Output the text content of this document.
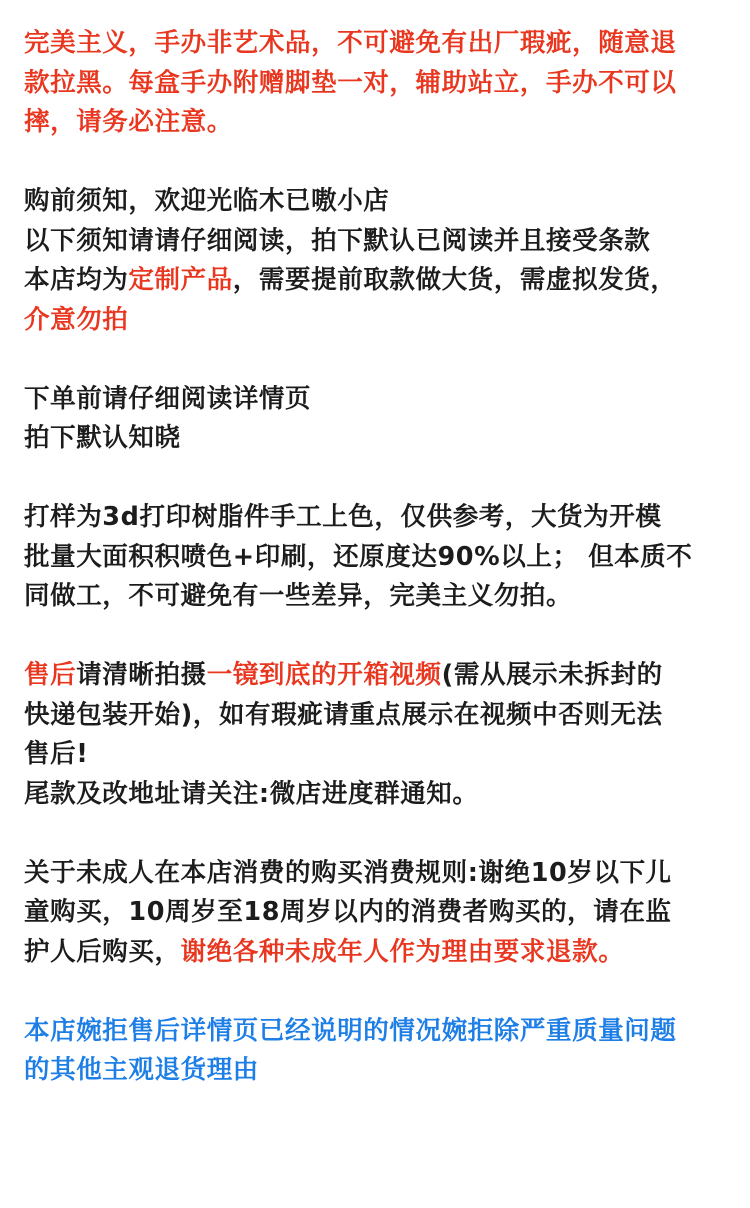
完美主义，手办非艺术品，不可避免有出厂瑕疵，随意退
款拉黑。每盒手办附赠脚垫一对，辅助站立，手办不可以
摔，请务必注意。
购前须知，欢迎光临木已嗷小店
以下须知请请仔细阅读，拍下默认已阅读并且接受条款
本店均为定制产品，需要提前取款做大货，需虚拟发货，
介意勿拍
下单前请仔细阅读详情页
拍下默认知晓
打样为3d打印树脂件手工上色，仅供参考，大货为开模
批量大面积积喷色+印刷，还原度达90%以上； 但本质不
同做工，不可避免有一些差异，完美主义勿拍。
售后请清晰拍摄一镜到底的开箱视频(需从展示未拆封的
快递包装开始)，如有瑕疵请重点展示在视频中否则无法
售后!
尾款及改地址请关注:微店进度群通知。
关于未成人在本店消费的购买消费规则:谢绝10岁以下儿
童购买，10周岁至18周岁以内的消费者购买的，请在监
护人后购买，谢绝各种未成年人作为理由要求退款。
本店婉拒售后详情页已经说明的情况婉拒除严重质量问题
的其他主观退货理由
